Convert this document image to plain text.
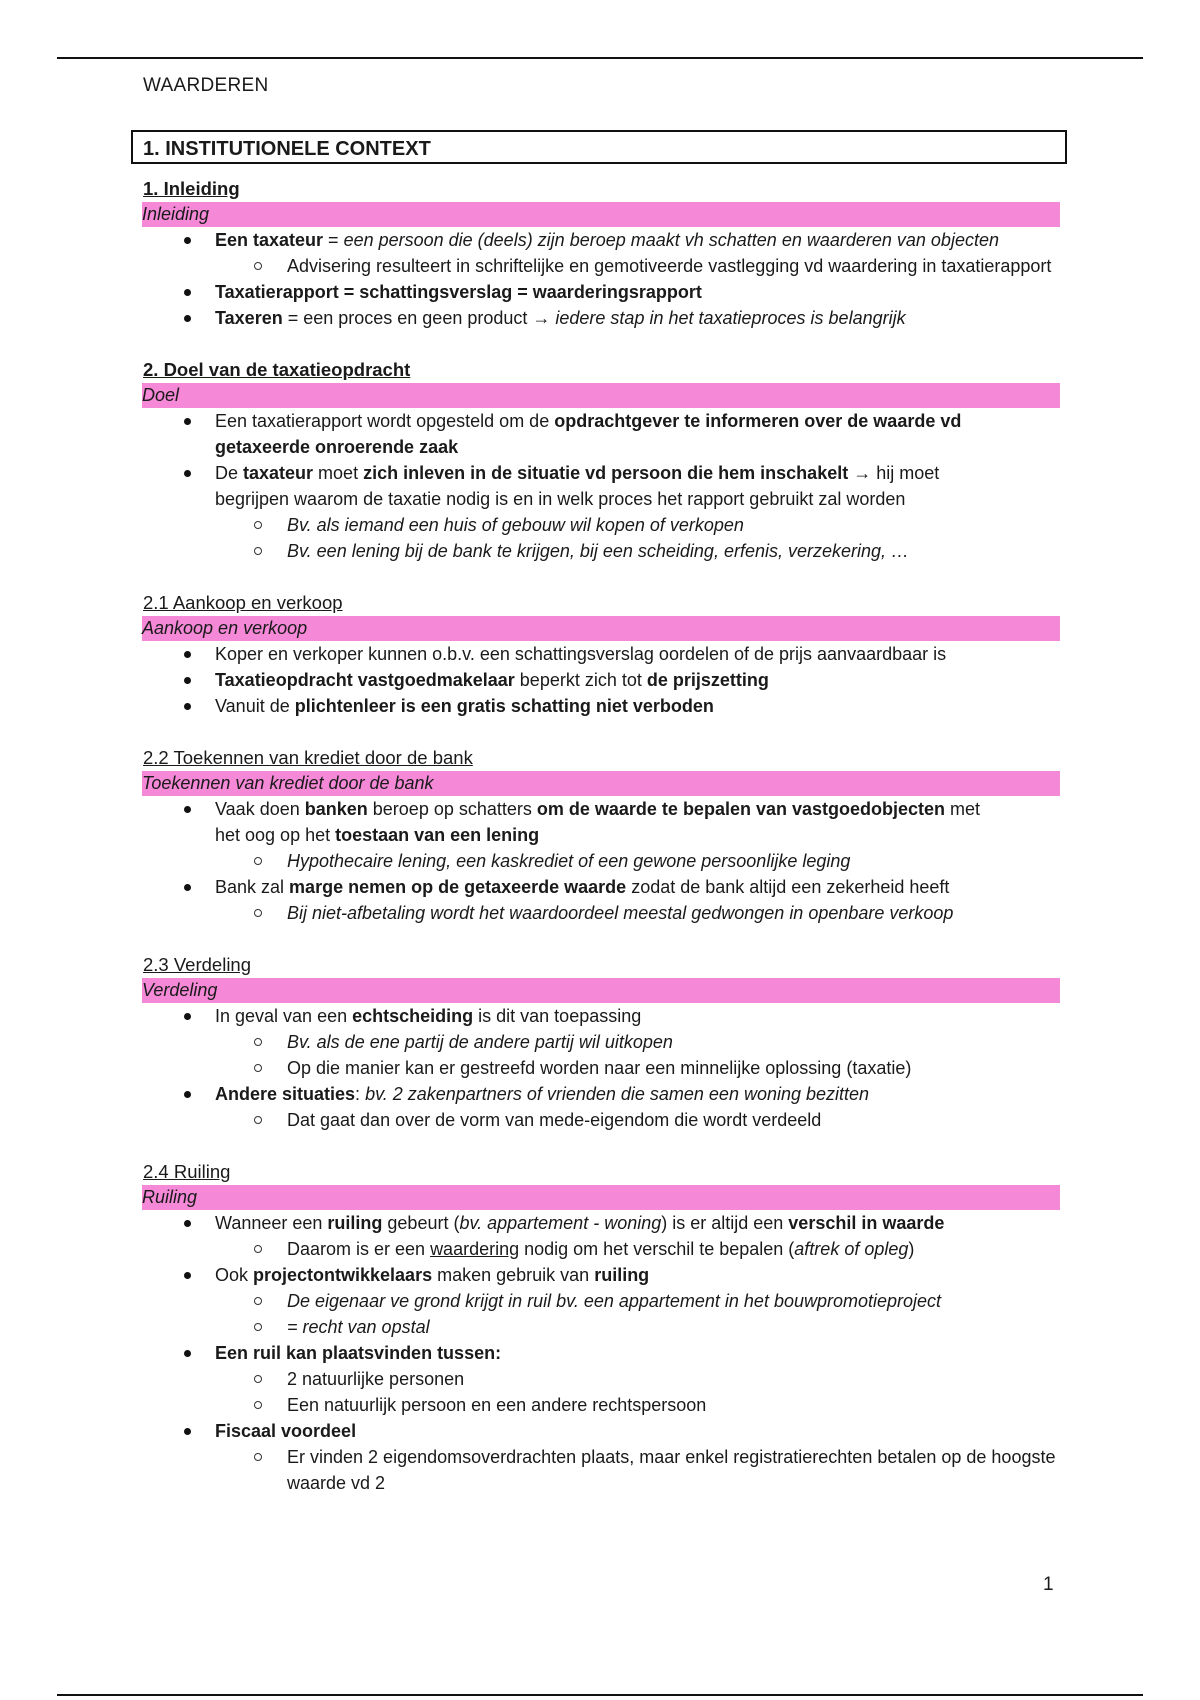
WAARDEREN
1. INSTITUTIONELE CONTEXT
1. Inleiding
Inleiding
Een taxateur = een persoon die (deels) zijn beroep maakt vh schatten en waarderen van objecten
Advisering resulteert in schriftelijke en gemotiveerde vastlegging vd waardering in taxatierapport
Taxatierapport = schattingsverslag = waarderingsrapport
Taxeren = een proces en geen product → iedere stap in het taxatieproces is belangrijk
2. Doel van de taxatieopdracht
Doel
Een taxatierapport wordt opgesteld om de opdrachtgever te informeren over de waarde vd getaxeerde onroerende zaak
De taxateur moet zich inleven in de situatie vd persoon die hem inschakelt → hij moet begrijpen waarom de taxatie nodig is en in welk proces het rapport gebruikt zal worden
Bv. als iemand een huis of gebouw wil kopen of verkopen
Bv. een lening bij de bank te krijgen, bij een scheiding, erfenis, verzekering, …
2.1 Aankoop en verkoop
Aankoop en verkoop
Koper en verkoper kunnen o.b.v. een schattingsverslag oordelen of de prijs aanvaardbaar is
Taxatieopdracht vastgoedmakelaar beperkt zich tot de prijszetting
Vanuit de plichtenleer is een gratis schatting niet verboden
2.2 Toekennen van krediet door de bank
Toekennen van krediet door de bank
Vaak doen banken beroep op schatters om de waarde te bepalen van vastgoedobjecten met het oog op het toestaan van een lening
Hypothecaire lening, een kaskrediet of een gewone persoonlijke leging
Bank zal marge nemen op de getaxeerde waarde zodat de bank altijd een zekerheid heeft
Bij niet-afbetaling wordt het waardoordeel meestal gedwongen in openbare verkoop
2.3 Verdeling
Verdeling
In geval van een echtscheiding is dit van toepassing
Bv. als de ene partij de andere partij wil uitkopen
Op die manier kan er gestreefd worden naar een minnelijke oplossing (taxatie)
Andere situaties: bv. 2 zakenpartners of vrienden die samen een woning bezitten
Dat gaat dan over de vorm van mede-eigendom die wordt verdeeld
2.4 Ruiling
Ruiling
Wanneer een ruiling gebeurt (bv. appartement - woning) is er altijd een verschil in waarde
Daarom is er een waardering nodig om het verschil te bepalen (aftrek of opleg)
Ook projectontwikkelaars maken gebruik van ruiling
De eigenaar ve grond krijgt in ruil bv. een appartement in het bouwpromotieproject
= recht van opstal
Een ruil kan plaatsvinden tussen:
2 natuurlijke personen
Een natuurlijk persoon en een andere rechtspersoon
Fiscaal voordeel
Er vinden 2 eigendomsoverdrachten plaats, maar enkel registratierechten betalen op de hoogste waarde vd 2
1
